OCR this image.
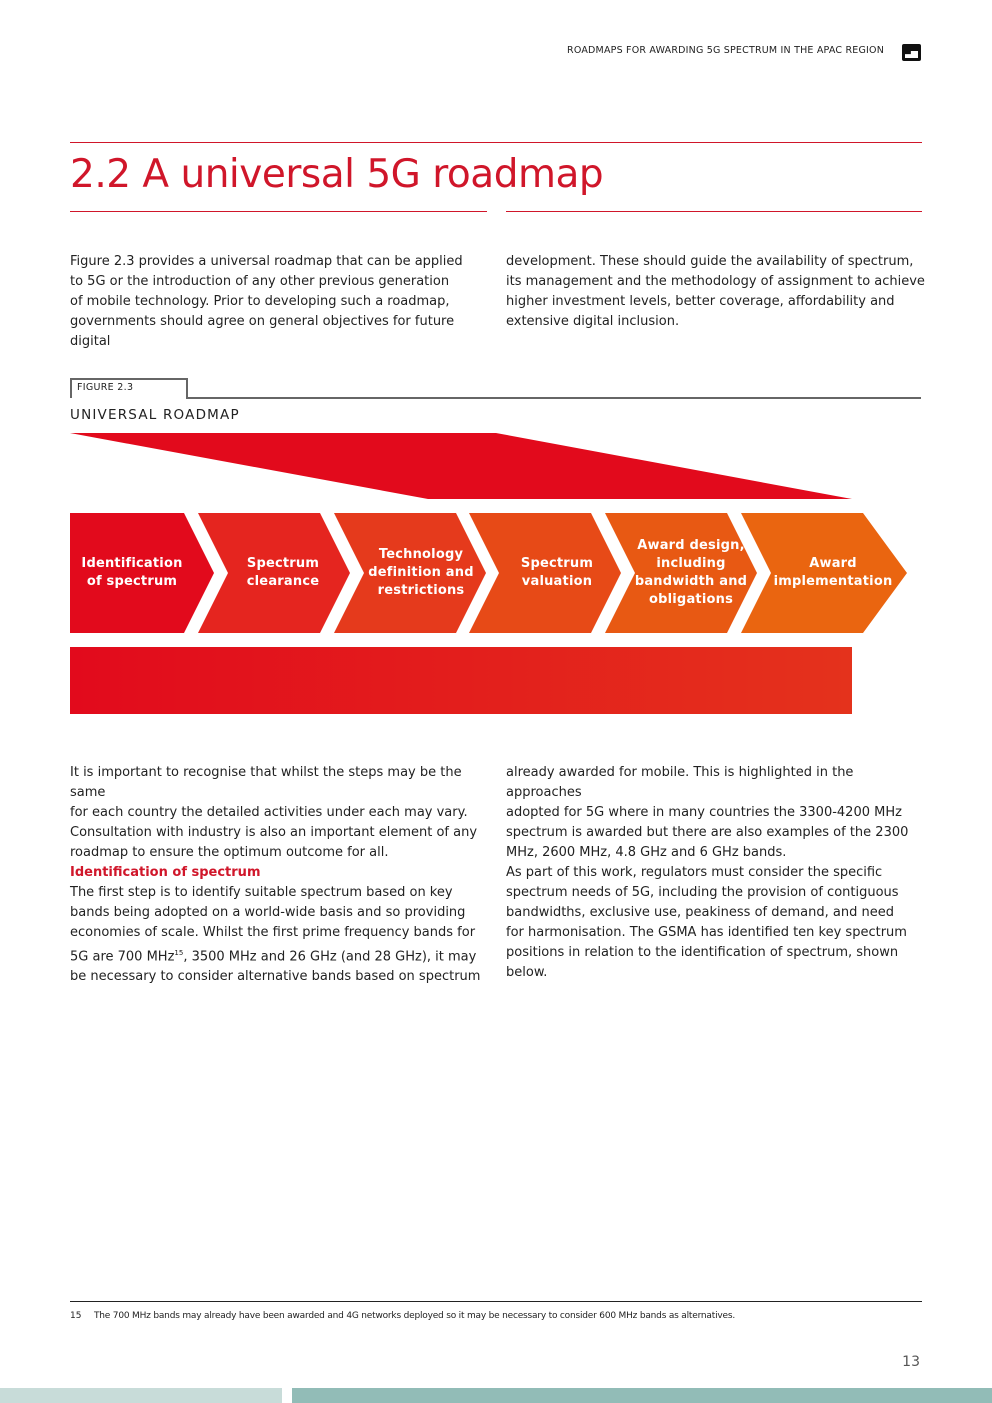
ROADMAPS FOR AWARDING 5G SPECTRUM IN THE APAC REGION
2.2 A universal 5G roadmap

Figure 2.3 provides a universal roadmap that can be applied
to 5G or the introduction of any other previous generation
of mobile technology. Prior to developing such a roadmap,
governments should agree on general objectives for future digital

development. These should guide the availability of spectrum,
its management and the methodology of assignment to achieve
higher investment levels, better coverage, affordability and
extensive digital inclusion.

FIGURE 2.3
UNIVERSAL ROADMAP
Identification of spectrum
Spectrum clearance
Technology definition and restrictions
Spectrum valuation
Award design, including bandwidth and obligations
Award implementation

It is important to recognise that whilst the steps may be the same
for each country the detailed activities under each may vary.
Consultation with industry is also an important element of any
roadmap to ensure the optimum outcome for all.

Identification of spectrum

The first step is to identify suitable spectrum based on key
bands being adopted on a world-wide basis and so providing
economies of scale. Whilst the first prime frequency bands for
5G are 700 MHz$^{15}$, 3500 MHz and 26 GHz (and 28 GHz), it may
be necessary to consider alternative bands based on spectrum

already awarded for mobile. This is highlighted in the approaches
adopted for 5G where in many countries the 3300-4200 MHz
spectrum is awarded but there are also examples of the 2300
MHz, 2600 MHz, 4.8 GHz and 6 GHz bands.

As part of this work, regulators must consider the specific
spectrum needs of 5G, including the provision of contiguous
bandwidths, exclusive use, peakiness of demand, and need
for harmonisation. The GSMA has identified ten key spectrum
positions in relation to the identification of spectrum, shown
below.

15 The 700 MHz bands may already have been awarded and 4G networks deployed so it may be necessary to consider 600 MHz bands as alternatives.
13
